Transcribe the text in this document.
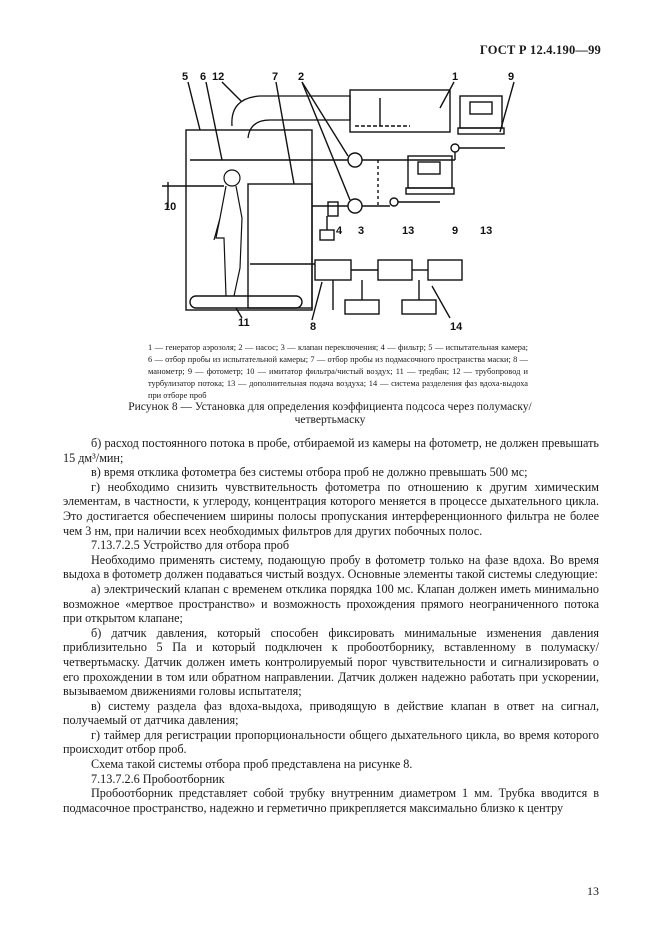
ГОСТ Р 12.4.190—99
5 6 12	7 2	1	9
10
4 3	13	9 13
8
11	14
1 — генератор аэрозоля; 2 — насос; 3 — клапан переключения; 4 — фильтр; 5 — испытательная камера; 6 — отбор пробы из испытательной камеры; 7 — отбор пробы из подмасочного пространства маски; 8 — манометр; 9 — фотометр; 10 — имитатор фильтра/чистый воздух; 11 — тредбан; 12 — трубопровод и турбулизатор потока; 13 — дополнительная подача воздуха; 14 — система разделения фаз вдоха-выдоха при отборе проб
Рисунок 8 — Установка для определения коэффициента подсоса через полумаску/четвертьмаску

б) расход постоянного потока в пробе, отбираемой из камеры на фотометр, не должен превышать 15 дм³/мин;

в) время отклика фотометра без системы отбора проб не должно превышать 500 мс;

г) необходимо снизить чувствительность фотометра по отношению к другим химическим элементам, в частности, к углероду, концентрация которого меняется в процессе дыхательного цикла. Это достигается обеспечением ширины полосы пропускания интерференционного фильтра не более чем 3 нм, при наличии всех необходимых фильтров для других побочных полос.

7.13.7.2.5 Устройство для отбора проб

Необходимо применять систему, подающую пробу в фотометр только на фазе вдоха. Во время выдоха в фотометр должен подаваться чистый воздух. Основные элементы такой системы следующие:

а) электрический клапан с временем отклика порядка 100 мс. Клапан должен иметь минимально возможное «мертвое пространство» и возможность прохождения прямого неограниченного потока при открытом клапане;

б) датчик давления, который способен фиксировать минимальные изменения давления приблизительно 5 Па и который подключен к пробоотборнику, вставленному в полумаску/четвертьмаску. Датчик должен иметь контролируемый порог чувствительности и сигнализировать о его прохождении в том или обратном направлении. Датчик должен надежно работать при ускорении, вызываемом движениями головы испытателя;

в) систему раздела фаз вдоха-выдоха, приводящую в действие клапан в ответ на сигнал, получаемый от датчика давления;

г) таймер для регистрации пропорциональности общего дыхательного цикла, во время которого происходит отбор проб.

Схема такой системы отбора проб представлена на рисунке 8.

7.13.7.2.6 Пробоотборник

Пробоотборник представляет собой трубку внутренним диаметром 1 мм. Трубка вводится в подмасочное пространство, надежно и герметично прикрепляется максимально близко к центру

13
